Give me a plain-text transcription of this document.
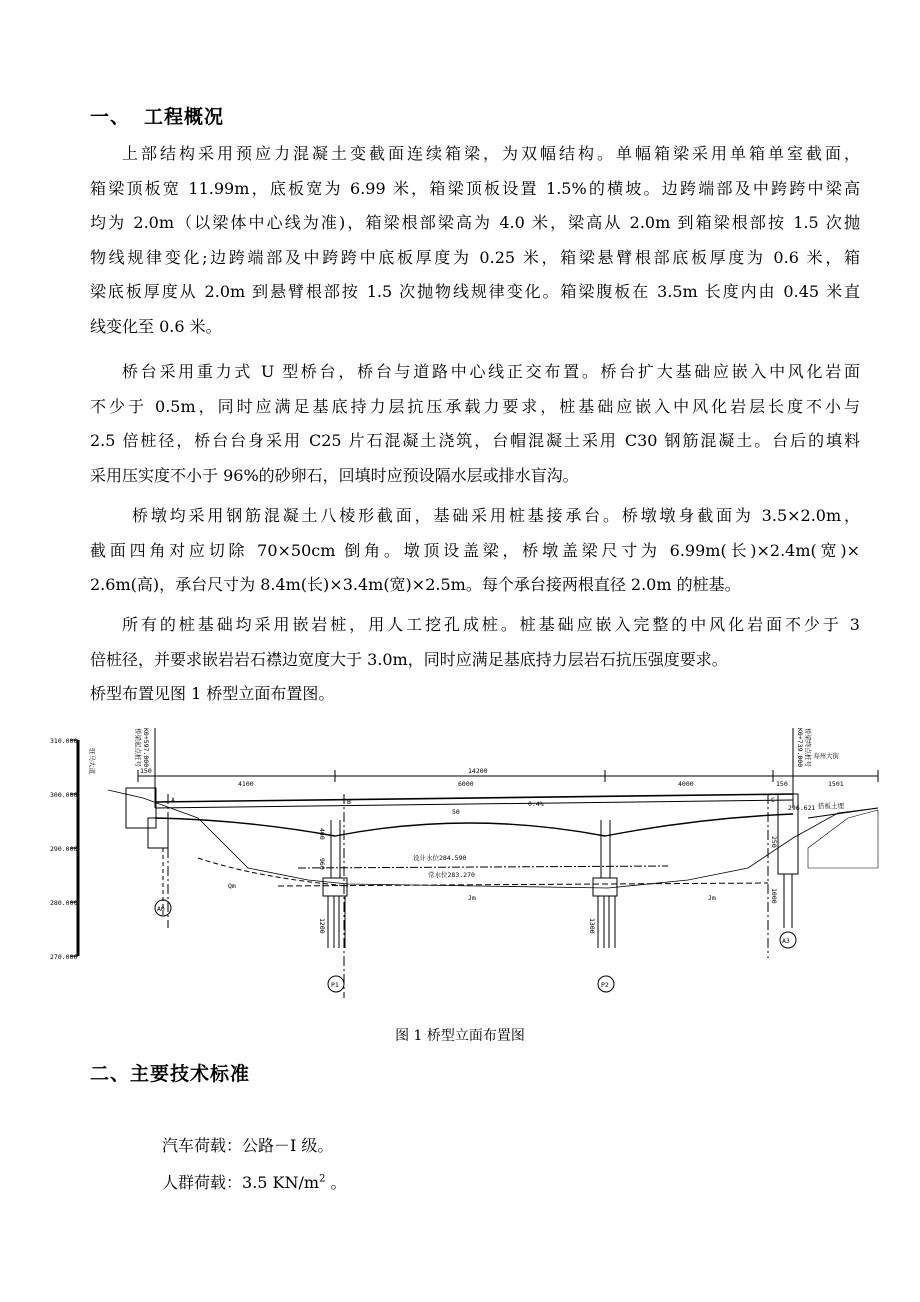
一、 工程概况
上部结构采用预应力混凝土变截面连续箱梁，为双幅结构。单幅箱梁采用单箱单室截面，
箱梁顶板宽 11.99m，底板宽为 6.99 米，箱梁顶板设置 1.5%的横坡。边跨端部及中跨跨中梁高
均为 2.0m（以梁体中心线为准)，箱梁根部梁高为 4.0 米，梁高从 2.0m 到箱梁根部按 1.5 次抛
物线规律变化;边跨端部及中跨跨中底板厚度为 0.25 米，箱梁悬臂根部底板厚度为 0.6 米，箱
梁底板厚度从 2.0m 到悬臂根部按 1.5 次抛物线规律变化。箱梁腹板在 3.5m 长度内由 0.45 米直
线变化至 0.6 米。
桥台采用重力式 U 型桥台，桥台与道路中心线正交布置。桥台扩大基础应嵌入中风化岩面
不少于 0.5m，同时应满足基底持力层抗压承载力要求，桩基础应嵌入中风化岩层长度不小与
2.5 倍桩径，桥台台身采用 C25 片石混凝土浇筑，台帽混凝土采用 C30 钢筋混凝土。台后的填料
采用压实度不小于 96%的砂卵石，回填时应预设隔水层或排水盲沟。
桥墩均采用钢筋混凝土八棱形截面，基础采用桩基接承台。桥墩墩身截面为 3.5×2.0m，
截面四角对应切除 70×50cm 倒角。墩顶设盖梁，桥墩盖梁尺寸为 6.99m(长)×2.4m(宽)×
2.6m(高)，承台尺寸为 8.4m(长)×3.4m(宽)×2.5m。每个承台接两根直径 2.0m 的桩基。
所有的桩基础均采用嵌岩桩，用人工挖孔成桩。桩基础应嵌入完整的中风化岩面不少于 3
倍桩径，并要求嵌岩岩石襟边宽度大于 3.0m，同时应满足基底持力层岩石抗压强度要求。
桥型布置见图 1 桥型立面布置图。
310.000
300.000
290.000
280.000
270.000
14200
150
4100	6000	4000	150	1501
0.4%	296.621
设计水位284.590
常水位283.270
驻马大道	寿州大街
K0+597.000
桥梁起点桩号	K0+739.000 桥梁终点桩号
搭板土埋
400
960
1200	1300
250
1000
50
Qm
Jm	Jm
A	B	C
A0
P1	P2
A3
图 1 桥型立面布置图
二、主要技术标准
汽车荷载：公路－I 级。
人群荷载：3.5 $KN/m^2$ 。
